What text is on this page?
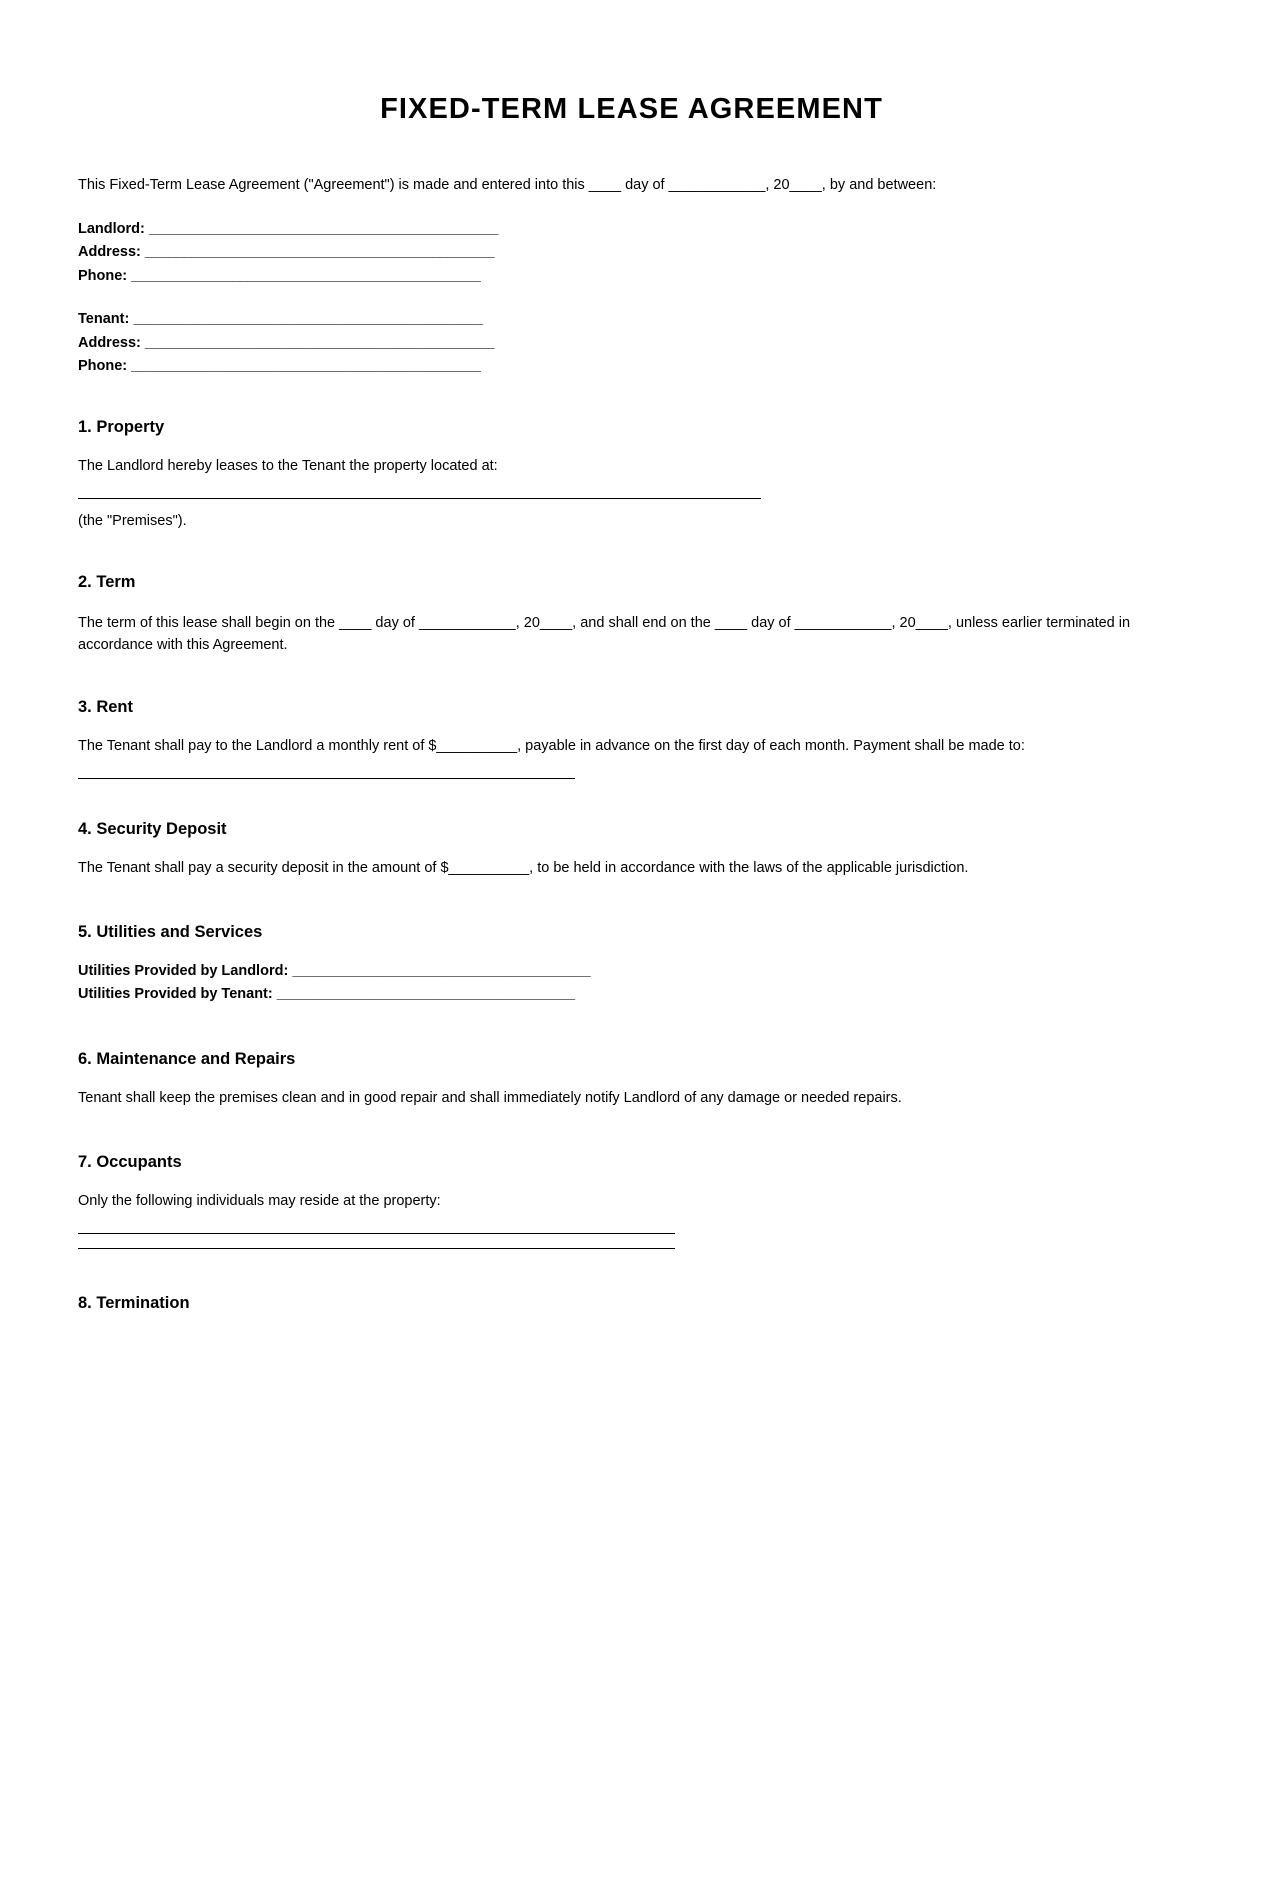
FIXED-TERM LEASE AGREEMENT

This Fixed-Term Lease Agreement ("Agreement") is made and entered into this ____ day of ____________, 20____, by and between:

Landlord: _____________________________________________
Address: _____________________________________________
Phone: _____________________________________________
Tenant: _____________________________________________
Address: _____________________________________________
Phone: _____________________________________________
1. Property

The Landlord hereby leases to the Tenant the property located at:

(the "Premises").

2. Term

The term of this lease shall begin on the ____ day of ____________, 20____, and shall end on the ____ day of ____________, 20____, unless earlier terminated in accordance with this Agreement.

3. Rent

The Tenant shall pay to the Landlord a monthly rent of $__________, payable in advance on the first day of each month. Payment shall be made to:

4. Security Deposit

The Tenant shall pay a security deposit in the amount of $__________, to be held in accordance with the laws of the applicable jurisdiction.

5. Utilities and Services
Utilities Provided by Landlord: _____________________________________
Utilities Provided by Tenant: _____________________________________
6. Maintenance and Repairs

Tenant shall keep the premises clean and in good repair and shall immediately notify Landlord of any damage or needed repairs.

7. Occupants

Only the following individuals may reside at the property:

8. Termination
